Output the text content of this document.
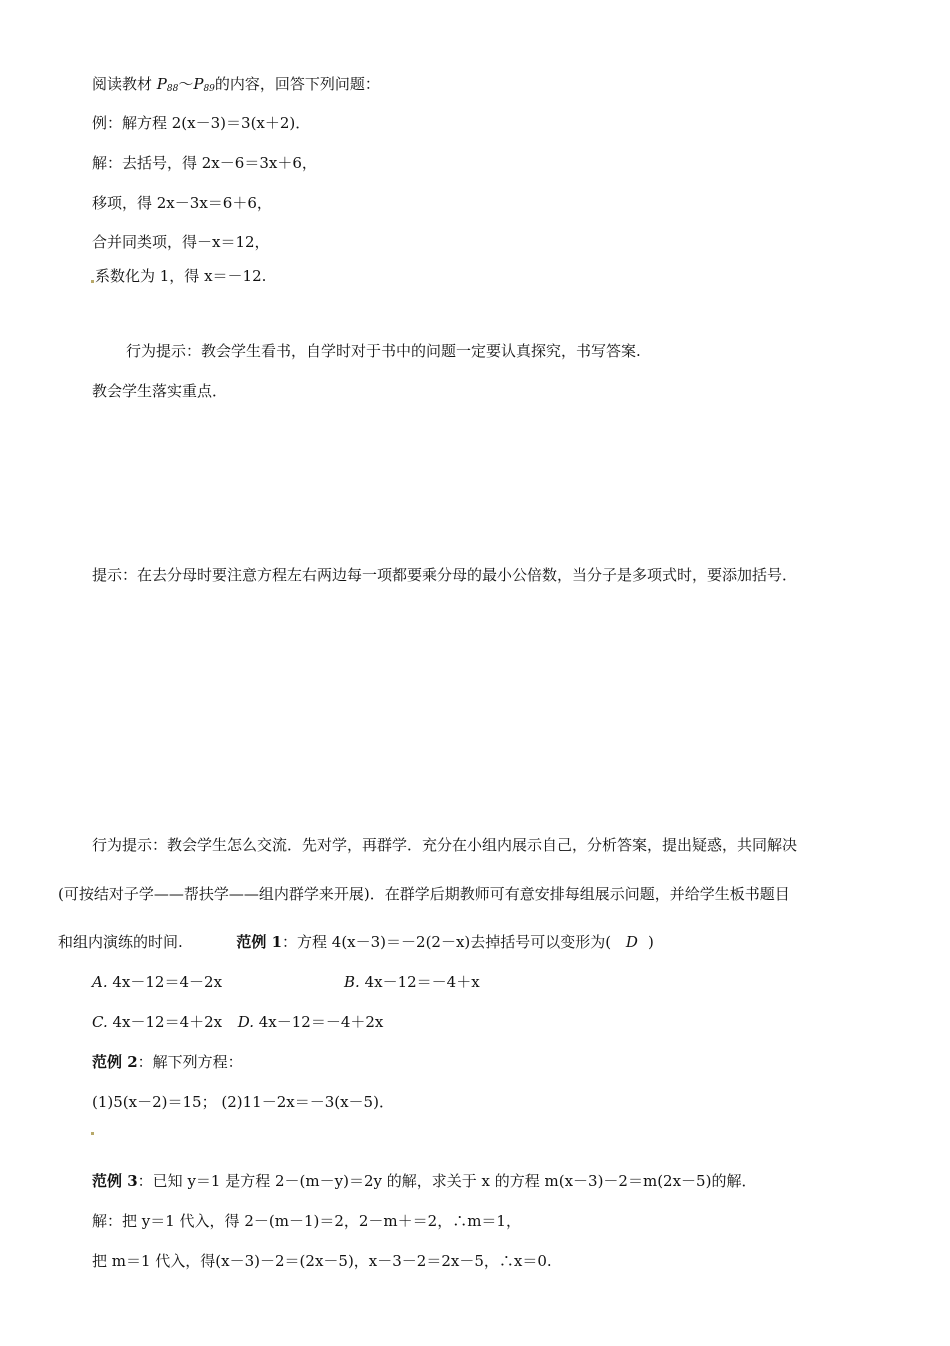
阅读教材 $P_{88}\sim P_{89}$的内容，回答下列问题：
例：解方程 2(x－3)＝3(x＋2)．
解：去括号，得 2x－6＝3x＋6，
移项，得 2x－3x＝6＋6，
合并同类项，得－x＝12，
系数化为 1，得 x＝－12.
行为提示：教会学生看书，自学时对于书中的问题一定要认真探究，书写答案.
教会学生落实重点．
提示：在去分母时要注意方程左右两边每一项都要乘分母的最小公倍数，当分子是多项式时，要添加括号．
行为提示：教会学生怎么交流．先对学，再群学．充分在小组内展示自己，分析答案，提出疑惑，共同解决
(可按结对子学——帮扶学——组内群学来开展)．在群学后期教师可有意安排每组展示问题，并给学生板书题目
和组内演练的时间.	范例 1：方程 4(x－3)＝－2(2－x)去掉括号可以变形为( D )
A. 4x－12＝4－2x	B. 4x－12＝－4＋x
C. 4x－12＝4＋2x D. 4x－12＝－4＋2x
范例 2：解下列方程：
(1)5(x－2)＝15； (2)11－2x＝－3(x－5)．
范例 3：已知 y＝1 是方程 2－(m－y)＝2y 的解，求关于 x 的方程 m(x－3)－2＝m(2x－5)的解．
解：把 y＝1 代入，得 2－(m－1)＝2，2－m＋＝2，∴m＝1，
把 m＝1 代入，得(x－3)－2＝(2x－5)，x－3－2＝2x－5，∴x＝0.
